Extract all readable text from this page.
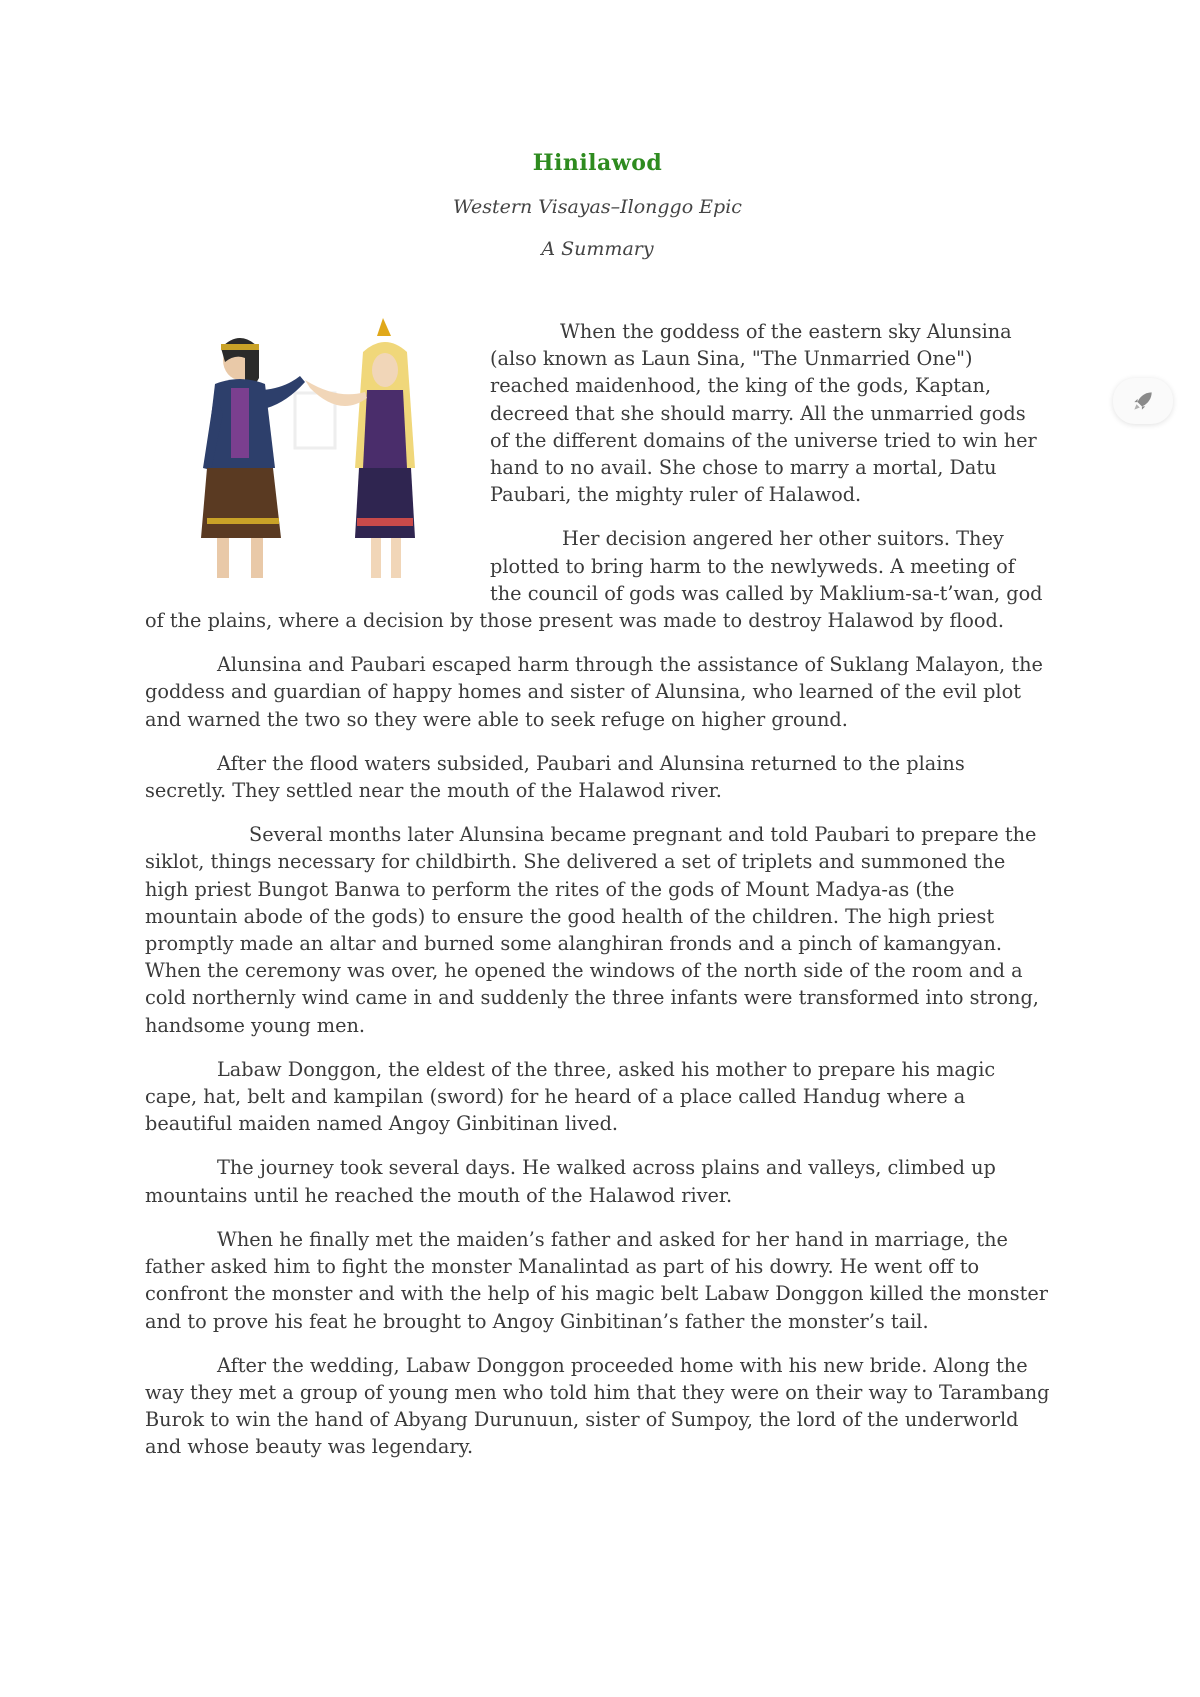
Hinilawod
Western Visayas–Ilonggo Epic
A Summary

When the goddess of the eastern sky Alunsina (also known as Laun Sina, "The Unmarried One") reached maidenhood, the king of the gods, Kaptan, decreed that she should marry. All the unmarried gods of the different domains of the universe tried to win her hand to no avail. She chose to marry a mortal, Datu Paubari, the mighty ruler of Halawod.

Her decision angered her other suitors. They plotted to bring harm to the newlyweds. A meeting of the council of gods was called by Maklium-sa-t’wan, god of the plains, where a decision by those present was made to destroy Halawod by flood.

Alunsina and Paubari escaped harm through the assistance of Suklang Malayon, the goddess and guardian of happy homes and sister of Alunsina, who learned of the evil plot and warned the two so they were able to seek refuge on higher ground.

After the flood waters subsided, Paubari and Alunsina returned to the plains secretly. They settled near the mouth of the Halawod river.

Several months later Alunsina became pregnant and told Paubari to prepare the siklot, things necessary for childbirth. She delivered a set of triplets and summoned the high priest Bungot Banwa to perform the rites of the gods of Mount Madya-as (the mountain abode of the gods) to ensure the good health of the children. The high priest promptly made an altar and burned some alanghiran fronds and a pinch of kamangyan. When the ceremony was over, he opened the windows of the north side of the room and a cold northernly wind came in and suddenly the three infants were transformed into strong, handsome young men.

Labaw Donggon, the eldest of the three, asked his mother to prepare his magic cape, hat, belt and kampilan (sword) for he heard of a place called Handug where a beautiful maiden named Angoy Ginbitinan lived.

The journey took several days. He walked across plains and valleys, climbed up mountains until he reached the mouth of the Halawod river.

When he finally met the maiden’s father and asked for her hand in marriage, the father asked him to fight the monster Manalintad as part of his dowry. He went off to confront the monster and with the help of his magic belt Labaw Donggon killed the monster and to prove his feat he brought to Angoy Ginbitinan’s father the monster’s tail.

After the wedding, Labaw Donggon proceeded home with his new bride. Along the way they met a group of young men who told him that they were on their way to Tarambang Burok to win the hand of Abyang Durunuun, sister of Sumpoy, the lord of the underworld and whose beauty was legendary.
